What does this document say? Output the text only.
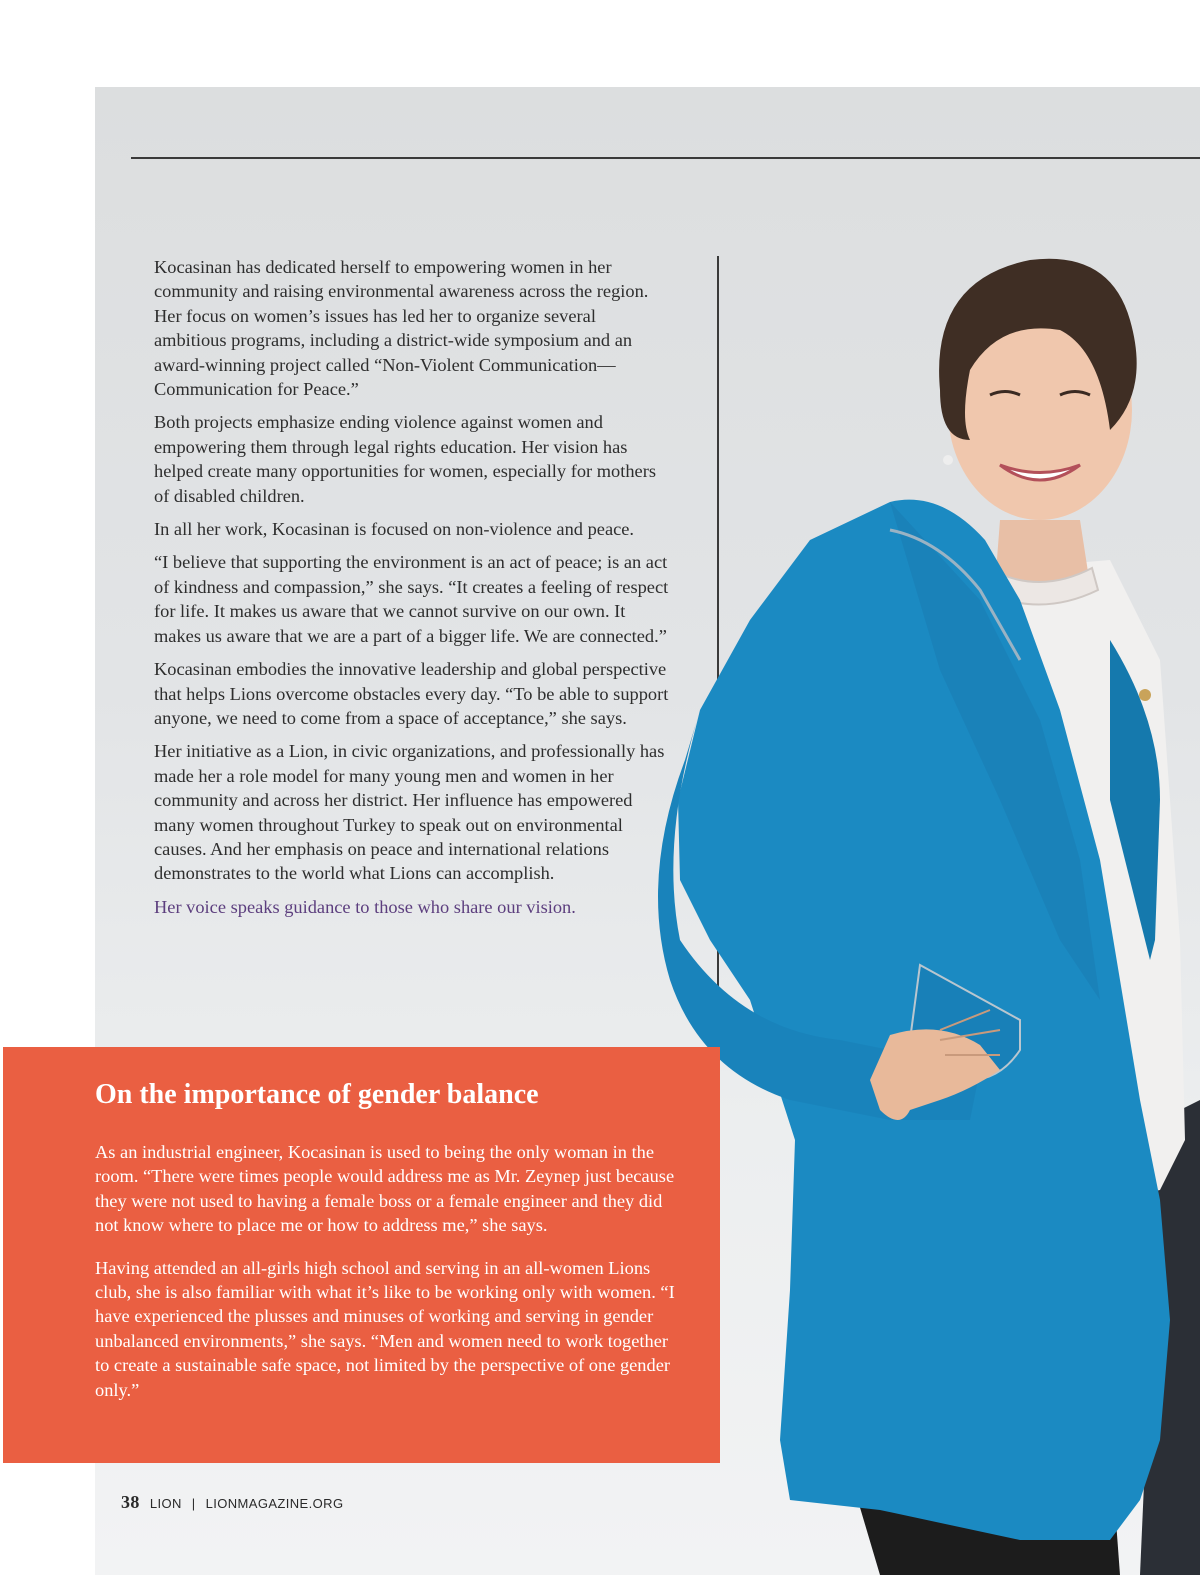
Kocasinan has dedicated herself to empowering women in her community and raising environmental awareness across the region. Her focus on women’s issues has led her to organize several ambitious programs, including a district-wide symposium and an award-winning project called “Non-Violent Communication—Communication for Peace.”

Both projects emphasize ending violence against women and empowering them through legal rights education. Her vision has helped create many opportunities for women, especially for mothers of disabled children.

In all her work, Kocasinan is focused on non-violence and peace.

“I believe that supporting the environment is an act of peace; is an act of kindness and compassion,” she says. “It creates a feeling of respect for life. It makes us aware that we cannot survive on our own. It makes us aware that we are a part of a bigger life. We are connected.”

Kocasinan embodies the innovative leadership and global perspective that helps Lions overcome obstacles every day. “To be able to support anyone, we need to come from a space of acceptance,” she says.

Her initiative as a Lion, in civic organizations, and professionally has made her a role model for many young men and women in her community and across her district. Her influence has empowered many women throughout Turkey to speak out on environmental causes. And her emphasis on peace and international relations demonstrates to the world what Lions can accomplish.

Her voice speaks guidance to those who share our vision.

On the importance of gender balance

As an industrial engineer, Kocasinan is used to being the only woman in the room. “There were times people would address me as Mr. Zeynep just because they were not used to having a female boss or a female engineer and they did not know where to place me or how to address me,” she says.

Having attended an all-girls high school and serving in an all-women Lions club, she is also familiar with what it’s like to be working only with women. “I have experienced the plusses and minuses of working and serving in gender unbalanced environments,” she says. “Men and women need to work together to create a sustainable safe space, not limited by the perspective of one gender only.”

38 LION | LIONMAGAZINE.ORG
